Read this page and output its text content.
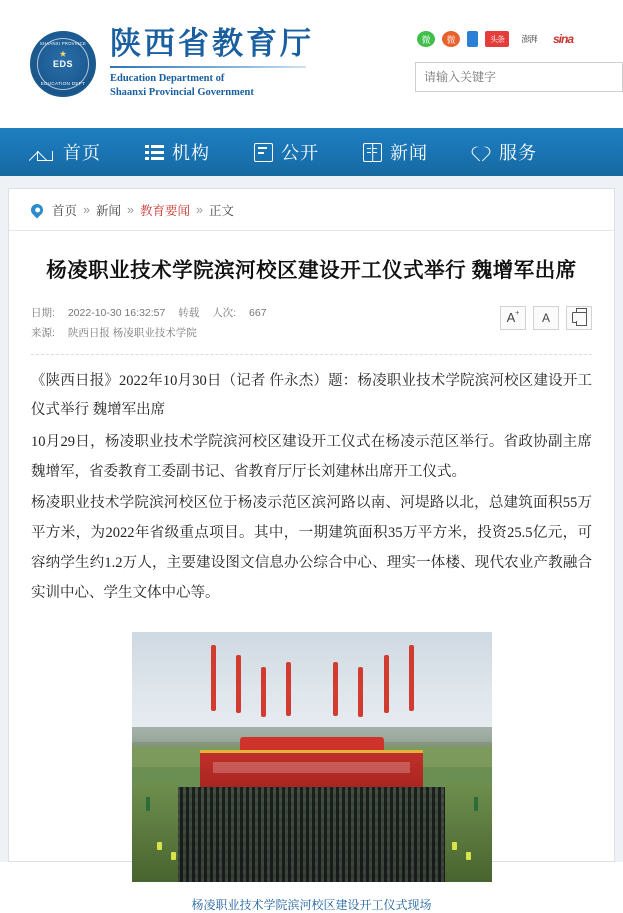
SHAANXI PROVINCE
★
EDS
EDUCATION DEPT
陕西省教育厅
Education Department of
Shaanxi Provincial Government
微	微	头条	澎湃	sina
请输入关键字
首页	机构	公开	新闻	服务
首页 » 新闻 » 教育要闻 » 正文
杨凌职业技术学院滨河校区建设开工仪式举行 魏增军出席
日期: 2022-10-30 16:32:57 转载 人次: 667
来源: 陕西日报 杨凌职业技术学院
A+ A

《陕西日报》2022年10月30日（记者 仵永杰）题：杨凌职业技术学院滨河校区建设开工仪式举行 魏增军出席

10月29日，杨凌职业技术学院滨河校区建设开工仪式在杨凌示范区举行。省政协副主席魏增军，省委教育工委副书记、省教育厅厅长刘建林出席开工仪式。

杨凌职业技术学院滨河校区位于杨凌示范区滨河路以南、河堤路以北，总建筑面积55万平方米，为2022年省级重点项目。其中，一期建筑面积35万平方米，投资25.5亿元，可容纳学生约1.2万人，主要建设图文信息办公综合中心、理实一体楼、现代农业产教融合实训中心、学生文体中心等。

杨凌职业技术学院滨河校区建设开工仪式现场
